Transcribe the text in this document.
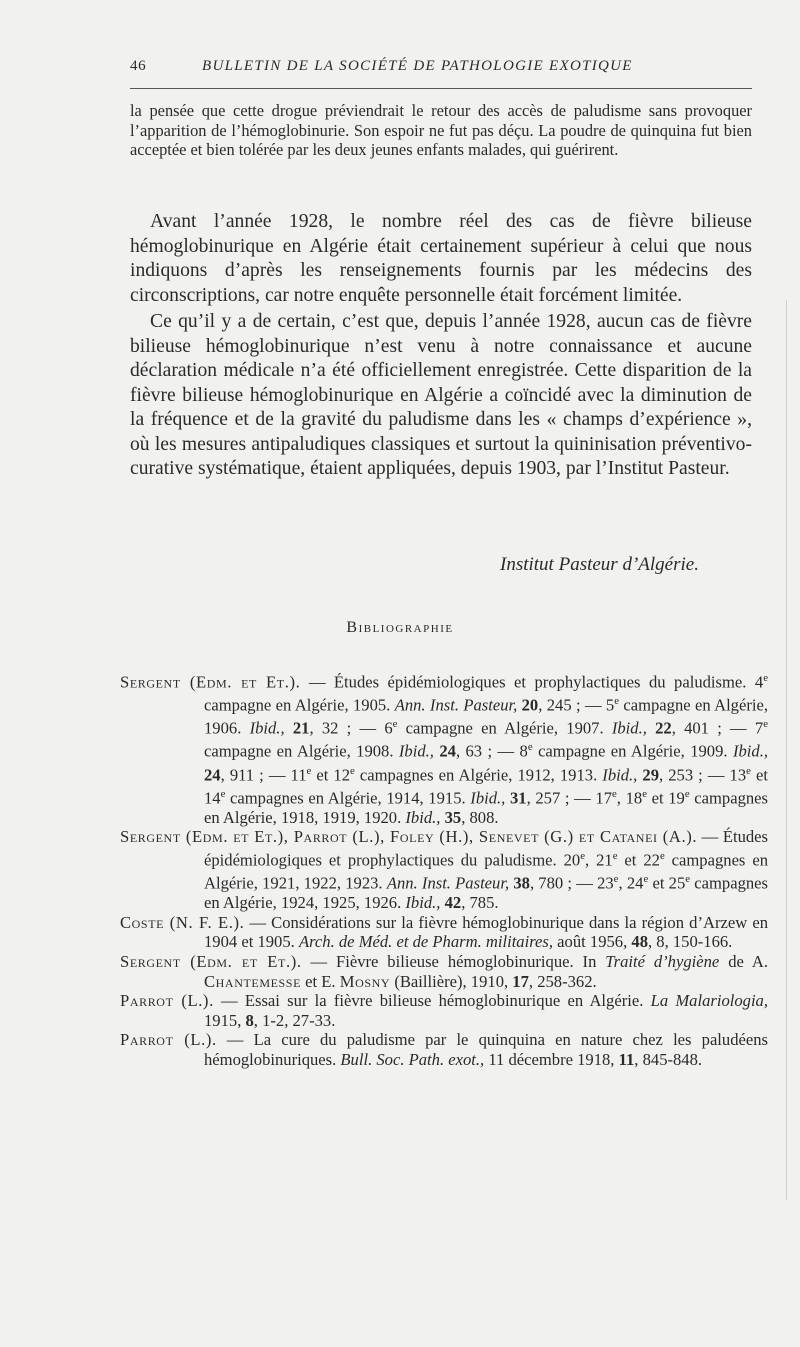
46	BULLETIN DE LA SOCIÉTÉ DE PATHOLOGIE EXOTIQUE
la pensée que cette drogue préviendrait le retour des accès de paludisme sans provoquer l’apparition de l’hémoglobinurie. Son espoir ne fut pas déçu. La poudre de quinquina fut bien acceptée et bien tolérée par les deux jeunes enfants malades, qui guérirent.

Avant l’année 1928, le nombre réel des cas de fièvre bilieuse hémoglobinurique en Algérie était certainement supérieur à celui que nous indiquons d’après les renseignements fournis par les médecins des circonscriptions, car notre enquête personnelle était forcément limitée.

Ce qu’il y a de certain, c’est que, depuis l’année 1928, aucun cas de fièvre bilieuse hémoglobinurique n’est venu à notre connaissance et aucune déclaration médicale n’a été officiellement enregistrée. Cette disparition de la fièvre bilieuse hémoglobinurique en Algérie a coïncidé avec la diminution de la fréquence et de la gravité du paludisme dans les « champs d’expérience », où les mesures antipaludiques classiques et surtout la quininisation préventivo-curative systématique, étaient appliquées, depuis 1903, par l’Institut Pasteur.

Institut Pasteur d’Algérie.
Bibliographie

Sergent (Edm. et Et.). — Études épidémiologiques et prophylactiques du paludisme. 4e campagne en Algérie, 1905. Ann. Inst. Pasteur, 20, 245 ; — 5e campagne en Algérie, 1906. Ibid., 21, 32 ; — 6e campagne en Algérie, 1907. Ibid., 22, 401 ; — 7e campagne en Algérie, 1908. Ibid., 24, 63 ; — 8e campagne en Algérie, 1909. Ibid., 24, 911 ; — 11e et 12e campagnes en Algérie, 1912, 1913. Ibid., 29, 253 ; — 13e et 14e campagnes en Algérie, 1914, 1915. Ibid., 31, 257 ; — 17e, 18e et 19e campagnes en Algérie, 1918, 1919, 1920. Ibid., 35, 808.

Sergent (Edm. et Et.), Parrot (L.), Foley (H.), Senevet (G.) et Catanei (A.). — Études épidémiologiques et prophylactiques du paludisme. 20e, 21e et 22e campagnes en Algérie, 1921, 1922, 1923. Ann. Inst. Pasteur, 38, 780 ; — 23e, 24e et 25e campagnes en Algérie, 1924, 1925, 1926. Ibid., 42, 785.

Coste (N. F. E.). — Considérations sur la fièvre hémoglobinurique dans la région d’Arzew en 1904 et 1905. Arch. de Méd. et de Pharm. militaires, août 1956, 48, 8, 150-166.

Sergent (Edm. et Et.). — Fièvre bilieuse hémoglobinurique. In Traité d’hygiène de A. Chantemesse et E. Mosny (Baillière), 1910, 17, 258-362.

Parrot (L.). — Essai sur la fièvre bilieuse hémoglobinurique en Algérie. La Malariologia, 1915, 8, 1-2, 27-33.

Parrot (L.). — La cure du paludisme par le quinquina en nature chez les paludéens hémoglobinuriques. Bull. Soc. Path. exot., 11 décembre 1918, 11, 845-848.
